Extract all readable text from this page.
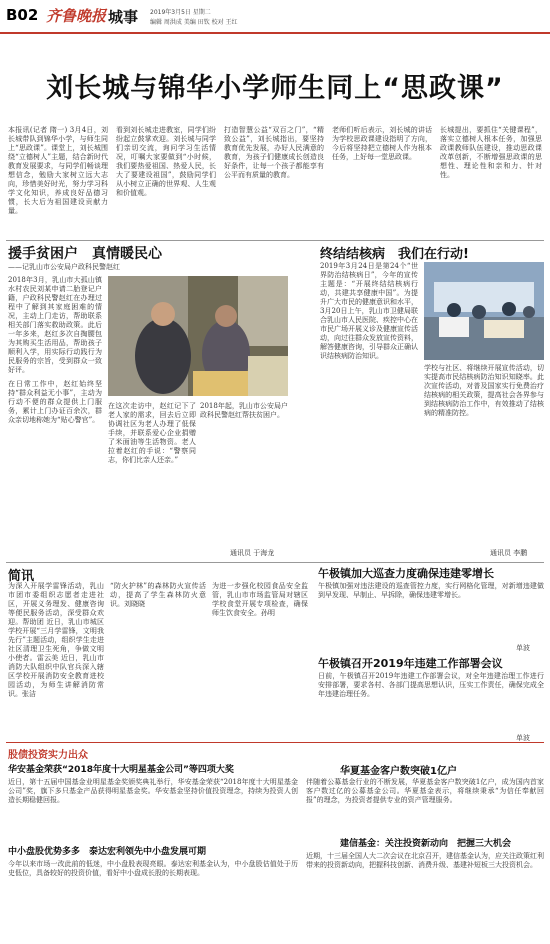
B02 齐鲁晚报 城事 2019年3月5日 星期二
编辑 周洪成 美编 田钦 校对 王红
刘长城与锦华小学师生同上“思政课”
本报讯(记者 隋一) 3月4日，刘长城带队到锦华小学，与师生同上“思政课”。课堂上，刘长城围绕“立德树人”主题，结合新时代教育发展要求，与同学们畅谈理想信念，勉励大家树立远大志向，珍惜美好时光，努力学习科学文化知识，养成良好品德习惯，长大后为祖国建设贡献力量。
看到刘长城走进教室，同学们纷纷起立鼓掌欢迎。刘长城与同学们亲切交流，询问学习生活情况，叮嘱大家要做到“小时候，我们要热爱祖国、热爱人民，长大了要建设祖国”，鼓励同学们从小树立正确的世界观、人生观和价值观。
打造智慧公益“双百之门”，“精致公益”，刘长城指出，要坚持教育优先发展，办好人民满意的教育，为孩子们健康成长创造良好条件，让每一个孩子都能享有公平而有质量的教育。
老师们听后表示，刘长城的讲话为学校思政课建设指明了方向，今后将坚持把立德树人作为根本任务，上好每一堂思政课。
长城提出，要抓住“关键课程”，落实立德树人根本任务，加强思政课教师队伍建设，推动思政课改革创新，不断增强思政课的思想性、理论性和亲和力、针对性。
援手贫困户　真情暖民心
——记乳山市公安局户政科民警赵红
2018年3月，乳山市大孤山镇水村农民刘某申请二胎登记户籍，户政科民警赵红在办理过程中了解到其家庭困难的情况，主动上门走访，帮助联系相关部门落实救助政策。此后一年多来，赵红多次自掏腰包为其购买生活用品，帮助孩子顺利入学，用实际行动践行为民服务的宗旨，受到群众一致好评。
在日常工作中，赵红始终坚持“群众利益无小事”，主动为行动不便的群众提供上门服务，累计上门办证百余次，群众亲切地称她为“贴心警官”。
在这次走访中，赵红记下了老人家的需求，回去后立即协调社区为老人办理了低保手续，并联系爱心企业捐赠了米面油等生活物资。老人拉着赵红的手说：“警察同志，你们比亲人还亲。”
2018年起，乳山市公安局户政科民警赵红帮扶贫困户。
通讯员 于海龙
终结结核病　我们在行动!
2019年3月24日是第24个“世界防治结核病日”，今年的宣传主题是：“开展终结结核病行动，共建共享健康中国”。为提升广大市民的健康意识和水平，3月20日上午，乳山市卫健局联合乳山市人民医院、疾控中心在市民广场开展义诊及健康宣传活动，向过往群众发放宣传资料，解答健康咨询，引导群众正确认识结核病防治知识。
学校与社区、将继续开展宣传活动，切实提高市民结核病防治知识知晓率。此次宣传活动，对普及国家实行免费治疗结核病的相关政策，提高社会各界参与到结核病防治工作中，有效推动了结核病的精准防控。
通讯员 李鹏
简讯
为深入开展学雷锋活动，乳山市团市委组织志愿者走进社区，开展义务理发、健康咨询等便民服务活动，深受群众欢迎。帮助团 近日，乳山市城区学校开展“三月学雷锋，文明我先行”主题活动，组织学生走进社区清理卫生死角，争做文明小使者。雷云美 近日，乳山市消防大队组织中队官兵深入辖区学校开展消防安全教育进校园活动，为师生讲解消防常识。张洁
“防火护林”的森林防火宣传活动，提高了学生森林防火意识。刘晓晓
为进一步强化校园食品安全监管，乳山市市场监管局对辖区学校食堂开展专项检查，确保师生饮食安全。孙明
午极镇加大巡查力度确保违建零增长
午极镇加强对违法建设的巡查管控力度，实行网格化管理，对新增违建做到早发现、早制止、早拆除，确保违建零增长。
单波
午极镇召开2019年违建工作部署会议
日前，午极镇召开2019年违建工作部署会议，对全年违建治理工作进行安排部署，要求各村、各部门提高思想认识，压实工作责任，确保完成全年违建治理任务。
单波
股债投资实力出众
华安基金荣获“2018年度十大明星基金公司”等四项大奖
近日，第十五届中国基金业明星基金奖颁奖典礼举行，华安基金荣获“2018年度十大明星基金公司”奖，旗下多只基金产品获得明星基金奖。华安基金坚持价值投资理念，持续为投资人创造长期稳健回报。
华夏基金客户数突破1亿户
伴随着公募基金行业的不断发展，华夏基金客户数突破1亿户，成为国内首家客户数过亿的公募基金公司。华夏基金表示，将继续秉承“为信任奉献回报”的理念，为投资者提供专业的资产管理服务。
中小盘股优势多多　泰达宏利领先中小盘发展可期
今年以来市场一改此前的低迷，中小盘股表现亮眼。泰达宏利基金认为，中小盘股估值处于历史低位，具备较好的投资价值，看好中小盘成长股的长期表现。
建信基金：关注投资新动向　把握三大机会
近期，十三届全国人大二次会议在北京召开，建信基金认为，应关注政策红利带来的投资新动向，把握科技创新、消费升级、基建补短板三大投资机会。
